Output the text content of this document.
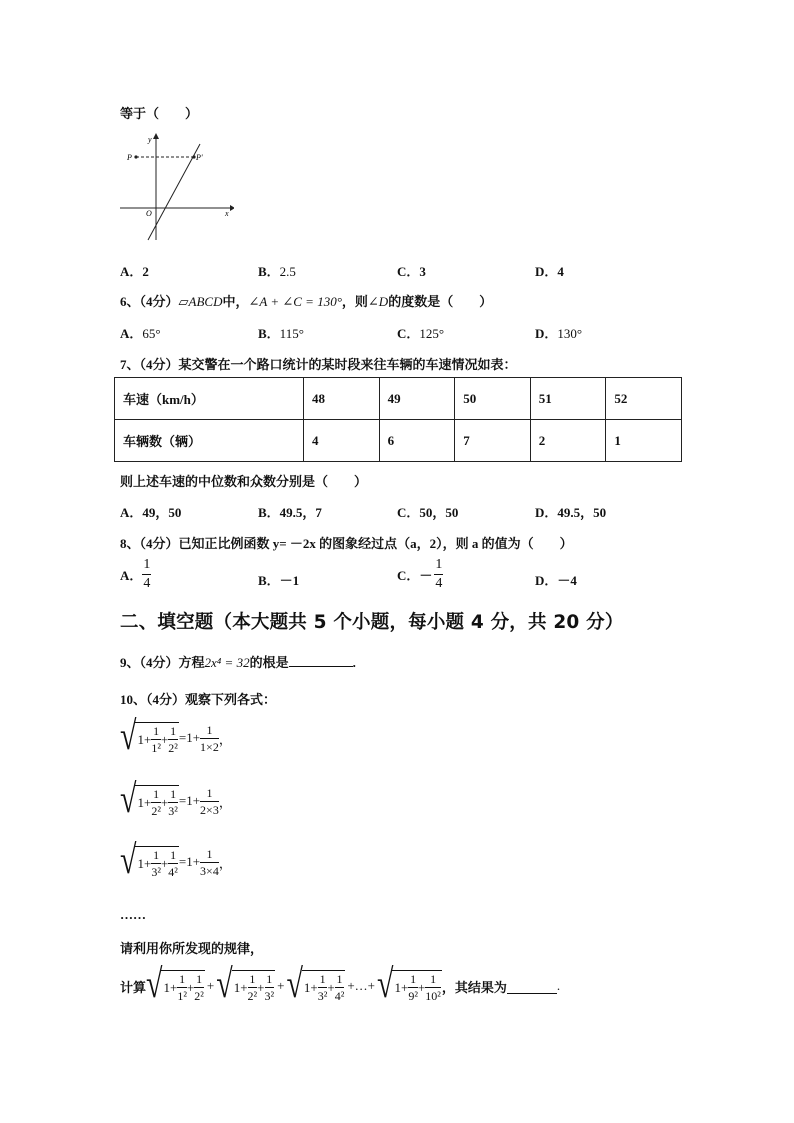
等于（　　）
y
x
O
P	P'
A．2	B．2.5	C．3	D．4
6、（4分）▱ABCD中，∠A + ∠C = 130°，则∠D的度数是（　　）
A．65°	B．115°	C．125°	D．130°
7、（4分）某交警在一个路口统计的某时段来往车辆的车速情况如表：
车速（km/h）	48	49	50	51	52
车辆数（辆）	4	6	7	2	1
则上述车速的中位数和众数分别是（　　）
A．49，50	B．49.5，7	C．50，50	D．49.5，50
8、（4分）已知正比例函数 y= －2x 的图象经过点（a，2），则 a 的值为（　　）
A． $\frac{1}{4}$	B．－1	C． － $\frac{1}{4}$	D．－4
二、填空题（本大题共 5 个小题，每小题 4 分，共 20 分）
9、（4分）方程2x⁴ = 32的根是	.
10、（4分）观察下列各式：
√ $1+ \frac{1}{\text{1²}} + \frac{1}{\text{2²}} =1+ \frac{1}{1\times 2}$ ，
√ $1+ \frac{1}{\text{2²}} + \frac{1}{\text{3²}} =1+ \frac{1}{2\times 3}$ ，
√ $1+ \frac{1}{\text{3²}} + \frac{1}{\text{4²}} =1+ \frac{1}{3\times 4}$ ，
……
请利用你所发现的规律，
计算 √ $1+ \frac{1}{\text{1²}} + \frac{1}{\text{2²}}$ + √ $1+ \frac{1}{\text{2²}} + \frac{1}{\text{3²}}$ + √ $1+ \frac{1}{\text{3²}} + \frac{1}{\text{4²}}$ +…+ √ $1+ \frac{1}{\text{9²}} + \frac{1}{\text{10²}}$ ，其结果为	.
